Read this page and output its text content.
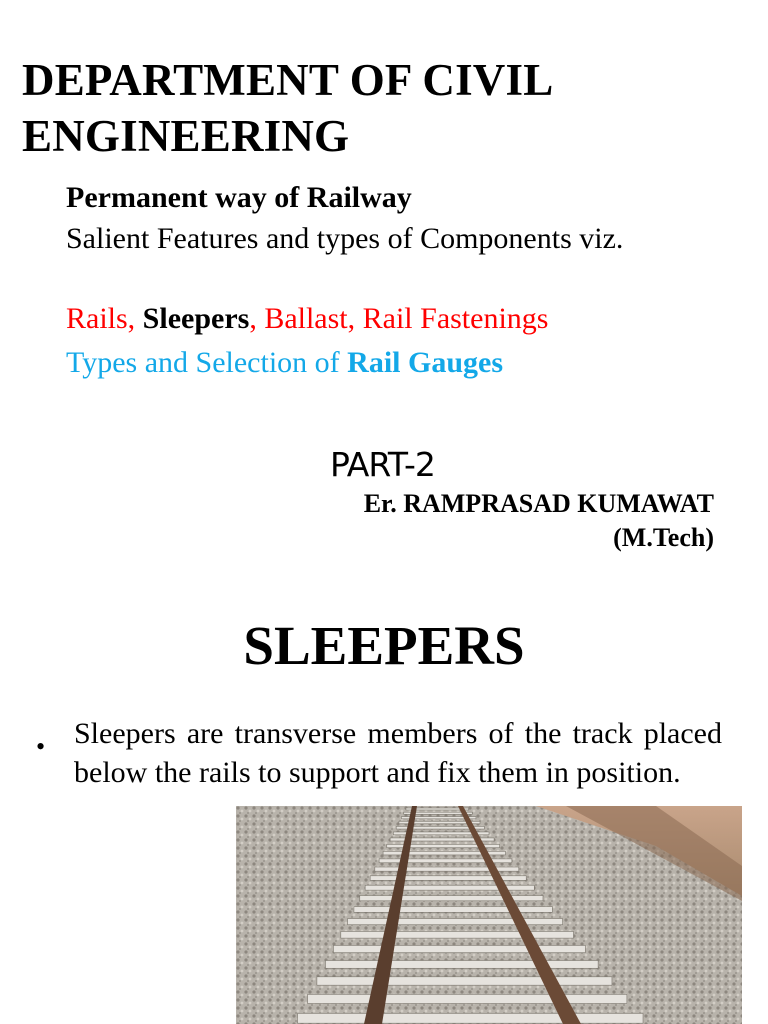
DEPARTMENT OF CIVIL ENGINEERING
Permanent way of Railway
Salient Features and types of Components viz.
Rails, Sleepers, Ballast, Rail Fastenings
Types and Selection of Rail Gauges
PART-2
Er. RAMPRASAD KUMAWAT
(M.Tech)
SLEEPERS
• Sleepers are transverse members of the track placed below the rails to support and fix them in position.
